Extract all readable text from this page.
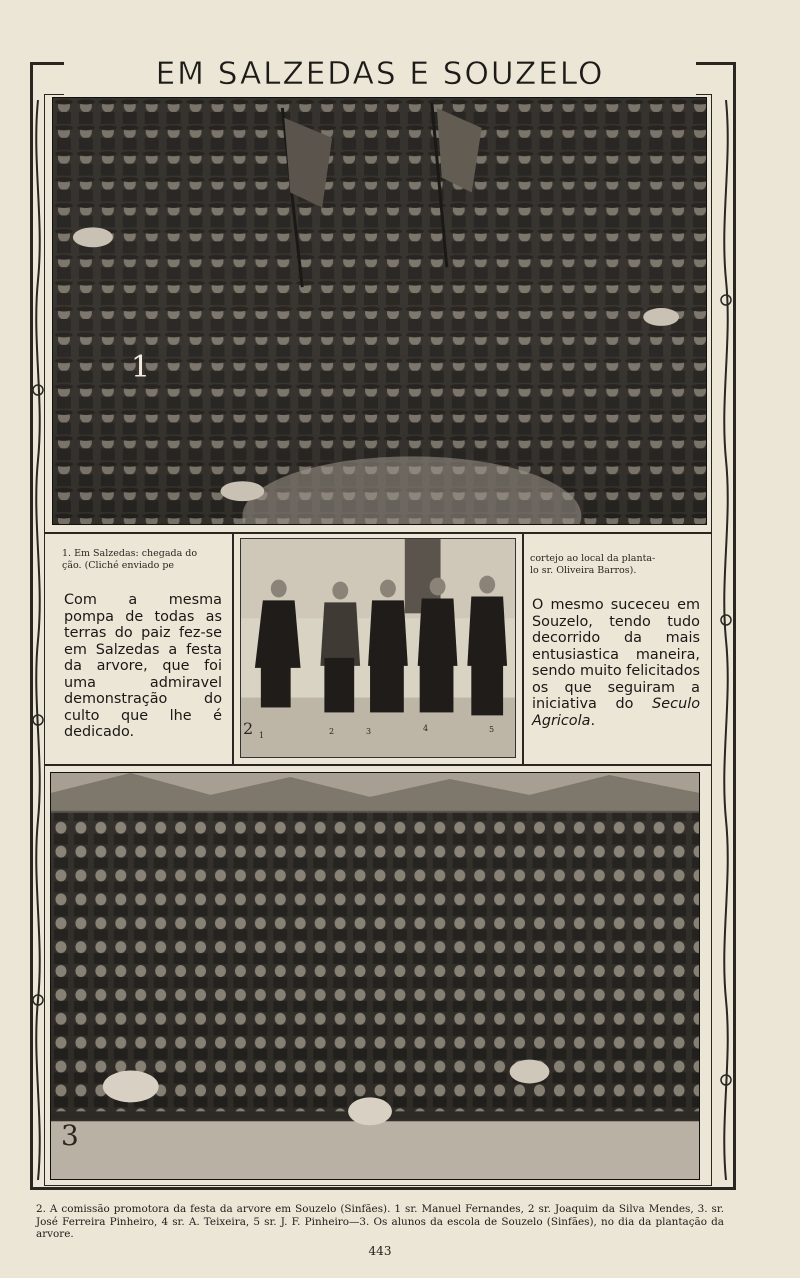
EM SALZEDAS E SOUZELO
1
1. Em Salzedas: chegada do
ção. (Cliché enviado pe
cortejo ao local da planta-
lo sr. Oliveira Barros).

Com a mesma pompa de todas as terras do paiz fez-se em Salzedas a festa da arvore, que foi uma admiravel demonstração do culto que lhe é dedicado.	2 1	2	3	4	5

O mesmo suceceu em Souzelo, tendo tudo decorrido da mais entusiastica maneira, sendo muito felicitados os que seguiram a iniciativa do Seculo Agricola.

3
2. A comissão promotora da festa da arvore em Souzelo (Sinfães). 1 sr. Manuel Fernandes, 2 sr. Joaquim da Silva Mendes, 3. sr. José Ferreira Pinheiro, 4 sr. A. Teixeira, 5 sr. J. F. Pinheiro—3. Os alunos da escola de Souzelo (Sinfães), no dia da plantação da arvore.
443
